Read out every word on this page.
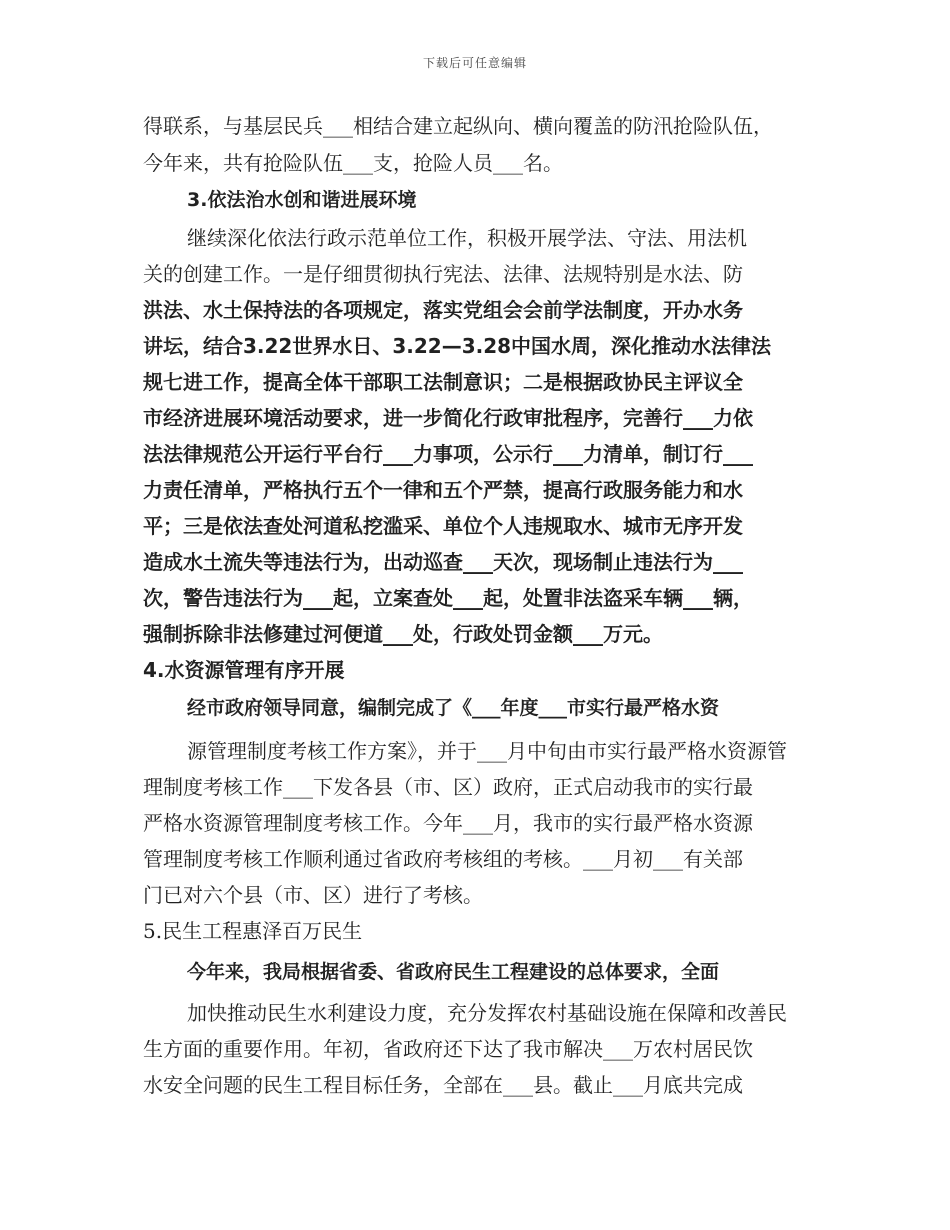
下载后可任意编辑
得联系，与基层民兵___相结合建立起纵向、横向覆盖的防汛抢险队伍，
今年来，共有抢险队伍___支，抢险人员___名。
3.依法治水创和谐进展环境
继续深化依法行政示范单位工作，积极开展学法、守法、用法机
关的创建工作。一是仔细贯彻执行宪法、法律、法规特别是水法、防
洪法、水土保持法的各项规定，落实党组会会前学法制度，开办水务
讲坛，结合3.22世界水日、3.22—3.28中国水周，深化推动水法律法
规七进工作，提高全体干部职工法制意识；二是根据政协民主评议全
市经济进展环境活动要求，进一步简化行政审批程序，完善行___力依
法法律规范公开运行平台行___力事项，公示行___力清单，制订行___
力责任清单，严格执行五个一律和五个严禁，提高行政服务能力和水
平；三是依法查处河道私挖滥采、单位个人违规取水、城市无序开发
造成水土流失等违法行为，出动巡查___天次，现场制止违法行为___
次，警告违法行为___起，立案查处___起，处置非法盗采车辆___辆，
强制拆除非法修建过河便道___处，行政处罚金额___万元。
4.水资源管理有序开展
经市政府领导同意，编制完成了《___年度___市实行最严格水资
源管理制度考核工作方案》，并于___月中旬由市实行最严格水资源管
理制度考核工作___下发各县（市、区）政府，正式启动我市的实行最
严格水资源管理制度考核工作。今年___月，我市的实行最严格水资源
管理制度考核工作顺利通过省政府考核组的考核。___月初___有关部
门已对六个县（市、区）进行了考核。
5.民生工程惠泽百万民生
今年来，我局根据省委、省政府民生工程建设的总体要求，全面
加快推动民生水利建设力度，充分发挥农村基础设施在保障和改善民
生方面的重要作用。年初，省政府还下达了我市解决___万农村居民饮
水安全问题的民生工程目标任务，全部在___县。截止___月底共完成
